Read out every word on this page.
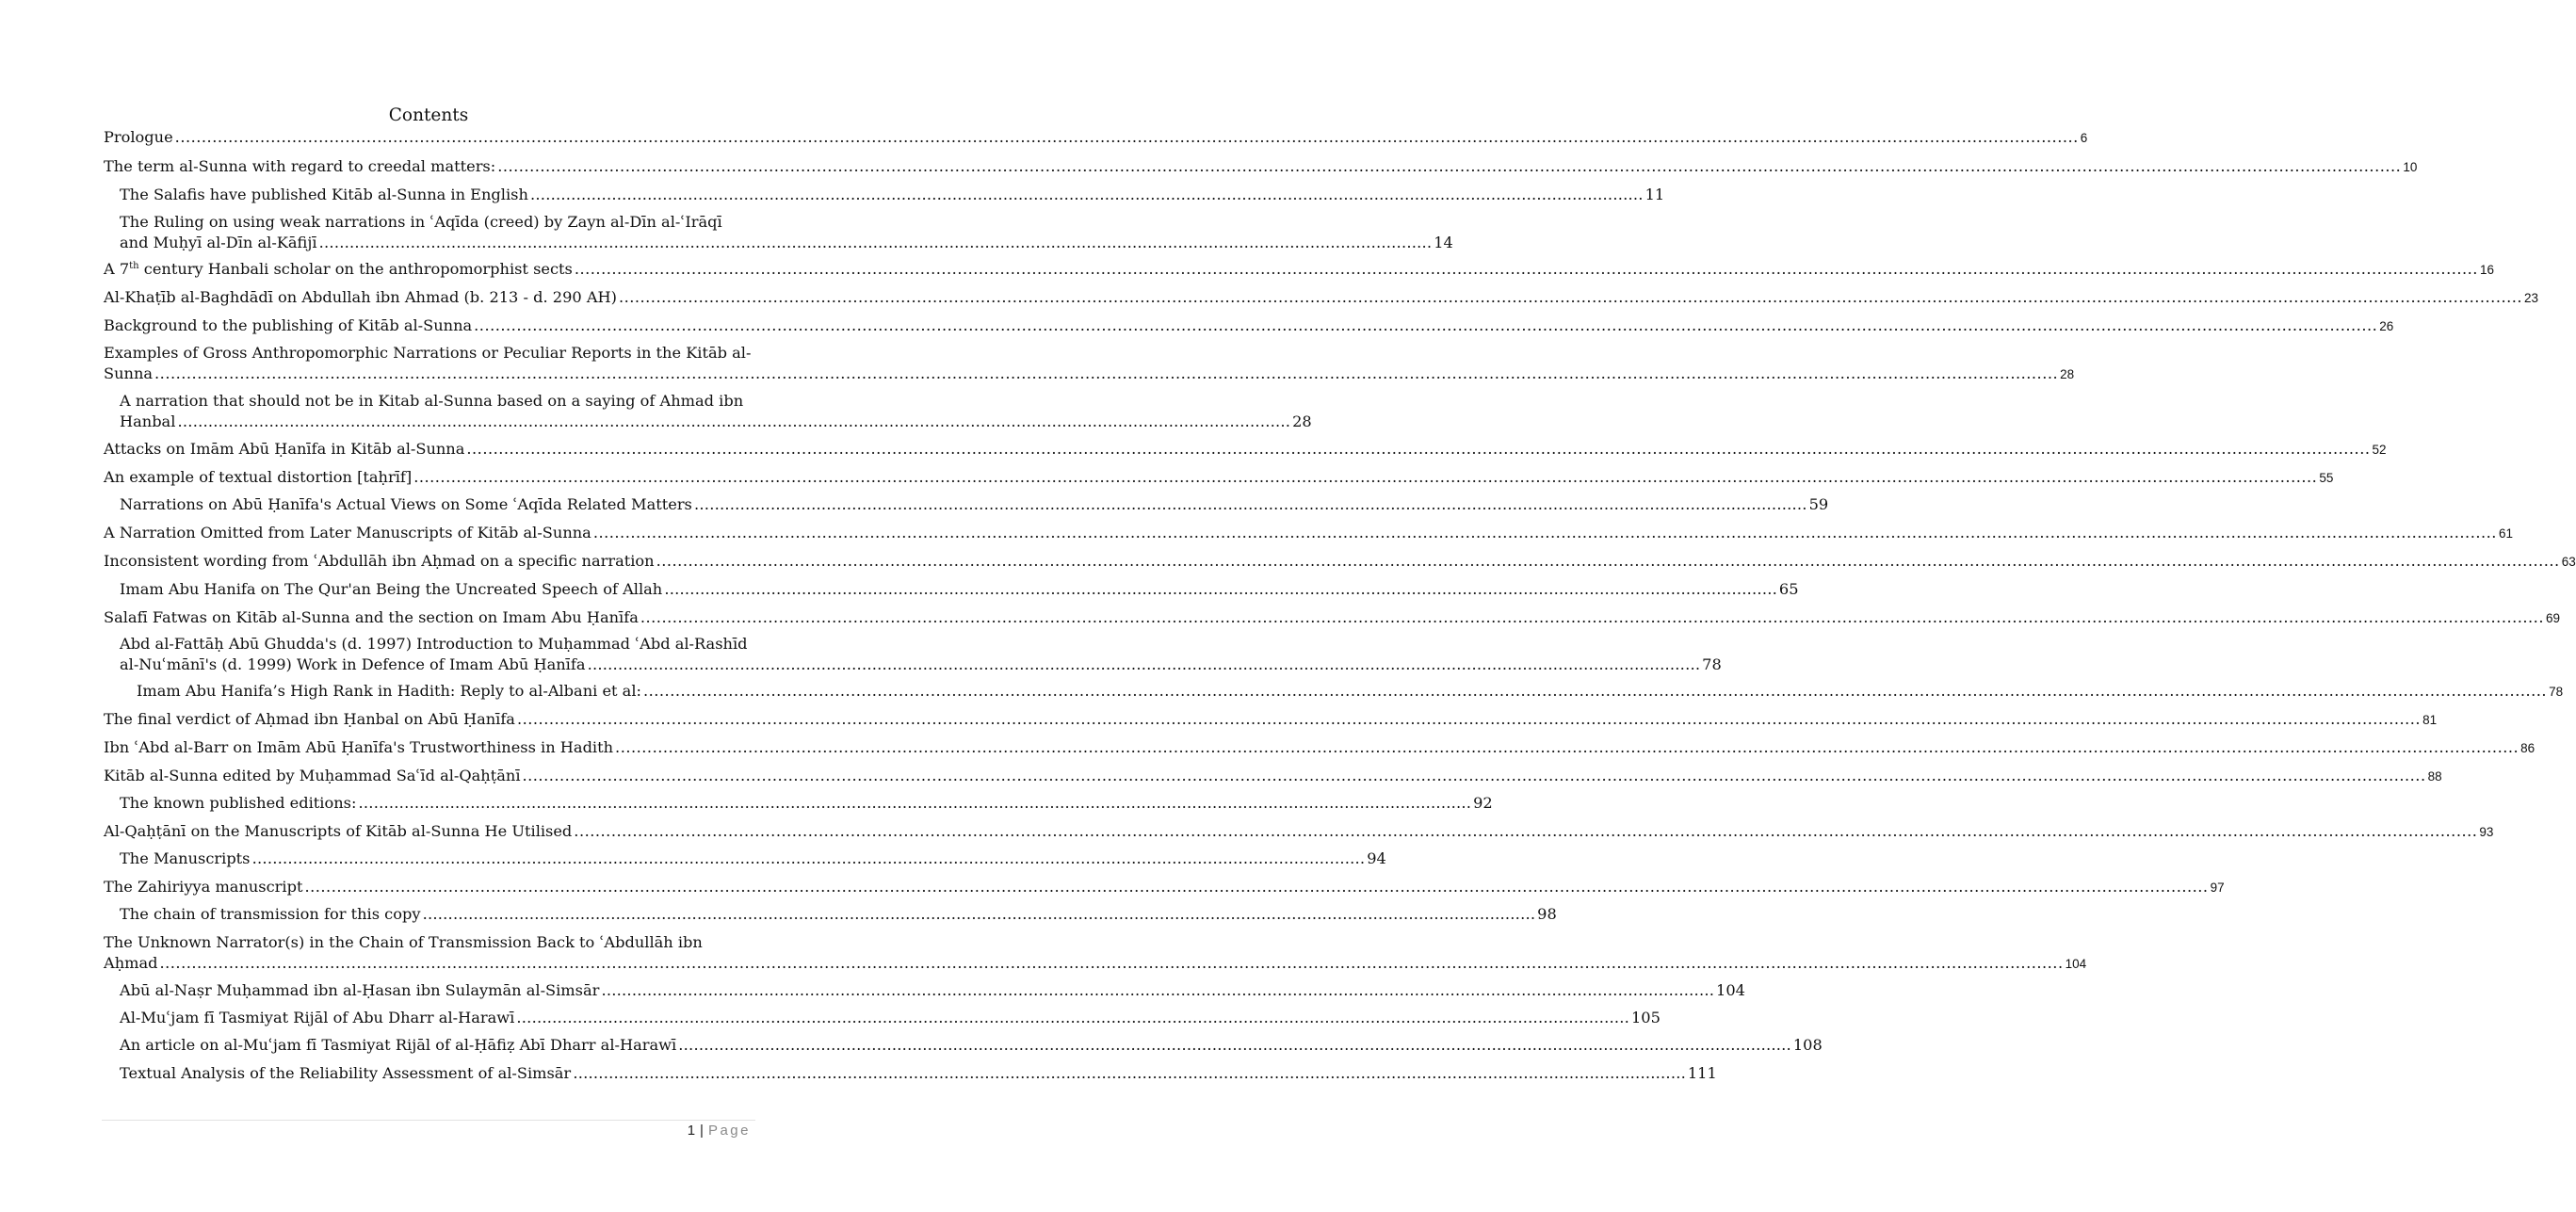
Contents
Prologue .....	6
The term al-Sunna with regard to creedal matters: .....	10
The Salafis have published Kitāb al-Sunna in English …………………………………………………………………………………………………………………………………………………………………………………………………	11
The Ruling on using weak narrations in ʿAqīda (creed) by Zayn al-Dīn al-ʿIrāqī
and Muḥyī al-Dīn al-Kāfijī …………………………………………………………………………………………………………………………………………………………………………………………………	14
A 7th century Hanbali scholar on the anthropomorphist sects .....	16
Al-Khaṭīb al-Baghdādī on Abdullah ibn Ahmad (b. 213 - d. 290 AH) .....	23
Background to the publishing of Kitāb al-Sunna .....	26
Examples of Gross Anthropomorphic Narrations or Peculiar Reports in the Kitāb al-
Sunna .....	28
A narration that should not be in Kitab al-Sunna based on a saying of Ahmad ibn
Hanbal …………………………………………………………………………………………………………………………………………………………………………………………………	28
Attacks on Imām Abū Ḥanīfa in Kitāb al-Sunna .....	52
An example of textual distortion [taḥrīf] .....	55
Narrations on Abū Ḥanīfa's Actual Views on Some ʿAqīda Related Matters …………………………………………………………………………………………………………………………………………………………………………………………………	59
A Narration Omitted from Later Manuscripts of Kitāb al-Sunna .....	61
Inconsistent wording from ʿAbdullāh ibn Aḥmad on a specific narration .....	63
Imam Abu Hanifa on The Qur'an Being the Uncreated Speech of Allah …………………………………………………………………………………………………………………………………………………………………………………………………	65
Salafī Fatwas on Kitāb al-Sunna and the section on Imam Abu Ḥanīfa .....	69
Abd al-Fattāḥ Abū Ghudda's (d. 1997) Introduction to Muḥammad ʿAbd al-Rashīd
al-Nuʿmānī's (d. 1999) Work in Defence of Imam Abū Ḥanīfa …………………………………………………………………………………………………………………………………………………………………………………………………	78
Imam Abu Hanifa’s High Rank in Hadith: Reply to al-Albani et al: .....	78
The final verdict of Aḥmad ibn Ḥanbal on Abū Ḥanīfa .....	81
Ibn ʿAbd al-Barr on Imām Abū Ḥanīfa's Trustworthiness in Hadith .....	86
Kitāb al-Sunna edited by Muḥammad Saʿīd al-Qaḥṭānī .....	88
The known published editions: …………………………………………………………………………………………………………………………………………………………………………………………………	92
Al-Qaḥṭānī on the Manuscripts of Kitāb al-Sunna He Utilised .....	93
The Manuscripts …………………………………………………………………………………………………………………………………………………………………………………………………	94
The Zahiriyya manuscript .....	97
The chain of transmission for this copy …………………………………………………………………………………………………………………………………………………………………………………………………	98
The Unknown Narrator(s) in the Chain of Transmission Back to ʿAbdullāh ibn
Aḥmad .....	104
Abū al-Naṣr Muḥammad ibn al-Ḥasan ibn Sulaymān al-Simsār …………………………………………………………………………………………………………………………………………………………………………………………………	104
Al-Muʿjam fī Tasmiyat Rijāl of Abu Dharr al-Harawī …………………………………………………………………………………………………………………………………………………………………………………………………	105
An article on al-Muʿjam fī Tasmiyat Rijāl of al-Ḥāfiẓ Abī Dharr al-Harawī …………………………………………………………………………………………………………………………………………………………………………………………………	108
Textual Analysis of the Reliability Assessment of al-Simsār …………………………………………………………………………………………………………………………………………………………………………………………………	111
1 | Page
